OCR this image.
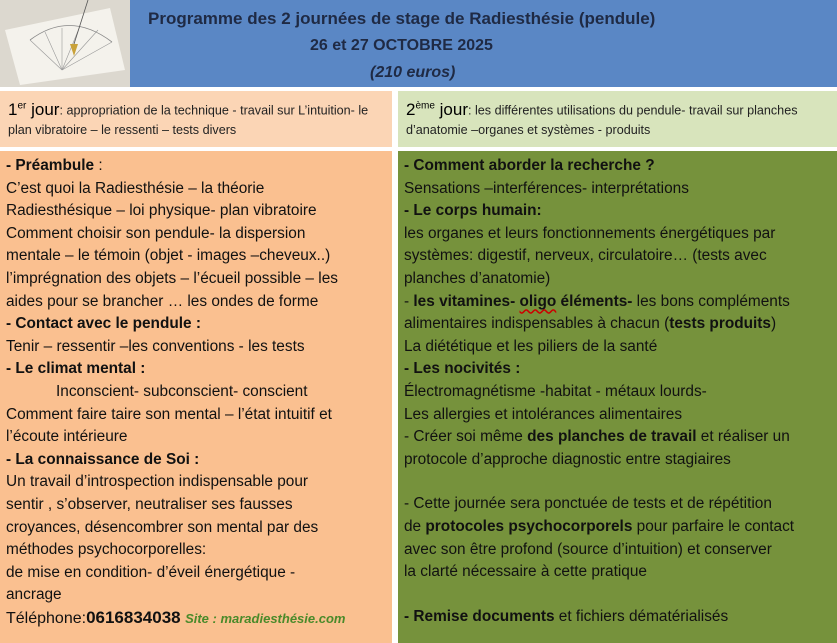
Programme des 2 journées de stage de Radiesthésie (pendule)
26 et 27 OCTOBRE 2025
(210 euros)
1er jour: appropriation de la technique - travail sur L’intuition- le plan vibratoire – le ressenti – tests divers
2ème jour: les différentes utilisations du pendule- travail sur planches d’anatomie –organes et systèmes - produits
- Préambule :
C’est quoi la Radiesthésie – la théorie
Radiesthésique – loi physique- plan vibratoire
Comment choisir son pendule- la dispersion
mentale – le témoin (objet - images –cheveux..)
l’imprégnation des objets – l’écueil possible – les
aides pour se brancher … les ondes de forme
- Contact avec le pendule :
Tenir – ressentir –les conventions - les tests
- Le climat mental :
Inconscient- subconscient- conscient
Comment faire taire son mental – l’état intuitif et
l’écoute intérieure
- La connaissance de Soi :
Un travail d’introspection indispensable pour
sentir , s’observer, neutraliser ses fausses
croyances, désencombrer son mental par des
méthodes psychocorporelles:
de mise en condition- d’éveil énergétique -
ancrage
Téléphone:0616834038 Site : maradiesthésie.com
- Comment aborder la recherche ?
Sensations –interférences- interprétations
- Le corps humain:
les organes et leurs fonctionnements énergétiques par
systèmes: digestif, nerveux, circulatoire… (tests avec
planches d’anatomie)
- les vitamines- oligo éléments- les bons compléments
alimentaires indispensables à chacun (tests produits)
La diététique et les piliers de la santé
- Les nocivités :
Électromagnétisme -habitat - métaux lourds-
Les allergies et intolérances alimentaires
- Créer soi même des planches de travail et réaliser un
protocole d’approche diagnostic entre stagiaires
- Cette journée sera ponctuée de tests et de répétition
de protocoles psychocorporels pour parfaire le contact
avec son être profond (source d’intuition) et conserver
la clarté nécessaire à cette pratique
- Remise documents et fichiers dématérialisés
